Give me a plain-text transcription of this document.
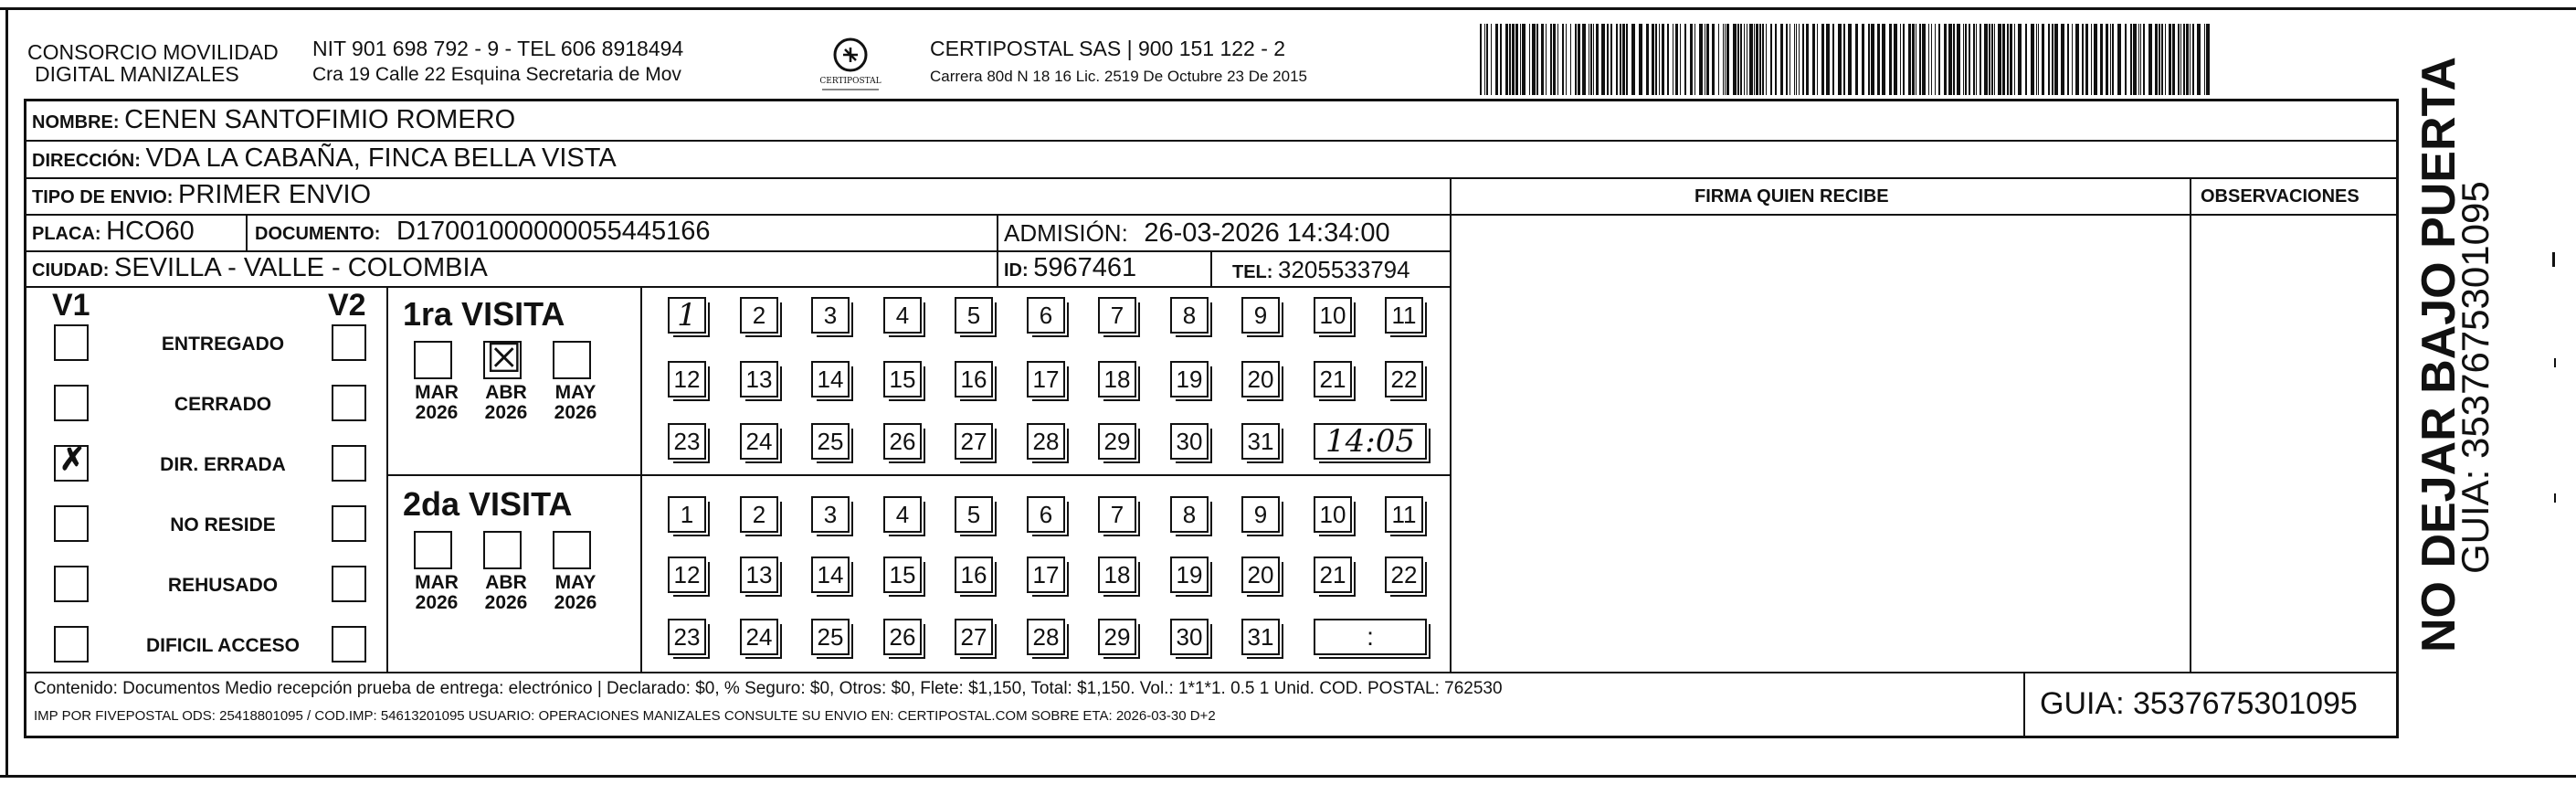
CONSORCIO MOVILIDAD
DIGITAL MANIZALES
NIT 901 698 792 - 9 - TEL 606 8918494
Cra 19 Calle 22 Esquina Secretaria de Mov	CERTIPOSTAL
CERTIPOSTAL SAS | 900 151 122 - 2
Carrera 80d N 18 16 Lic. 2519 De Octubre 23 De 2015
NOMBRE: CENEN SANTOFIMIO ROMERO
DIRECCIÓN: VDA LA CABAÑA, FINCA BELLA VISTA
TIPO DE ENVIO: PRIMER ENVIO	FIRMA QUIEN RECIBE	OBSERVACIONES
PLACA: HCO60	DOCUMENTO: D17001000000055445166	ADMISIÓN: 26-03-2026 14:34:00
CIUDAD: SEVILLA - VALLE - COLOMBIA	ID: 5967461	TEL: 3205533794
V1	V2
ENTREGADO
CERRADO
✗	DIR. ERRADA
NO RESIDE
REHUSADO
DIFICIL ACCESO
1ra VISITA
MAR
2026
☒
ABR
2026
MAY
2026
1	2	3	4	5	6	7	8	9	10 11
12 13 14 15 16 17 18 19 20 21 22
23 24 25 26 27 28 29 30 31	14:05
2da VISITA
MAR
2026
ABR
2026
MAY
2026
1	2	3	4	5	6	7	8	9	10 11
12 13 14 15 16 17 18 19 20 21 22
23 24 25 26 27 28 29 30 31	:
Contenido: Documentos Medio recepción prueba de entrega: electrónico | Declarado: $0, % Seguro: $0, Otros: $0, Flete: $1,150, Total: $1,150. Vol.: 1*1*1. 0.5 1 Unid. COD. POSTAL: 762530
IMP POR FIVEPOSTAL ODS: 25418801095 / COD.IMP: 54613201095 USUARIO: OPERACIONES MANIZALES CONSULTE SU ENVIO EN: CERTIPOSTAL.COM SOBRE ETA: 2026-03-30 D+2	GUIA: 3537675301095
NO DEJAR BAJO PUERTA
GUIA: 3537675301095
